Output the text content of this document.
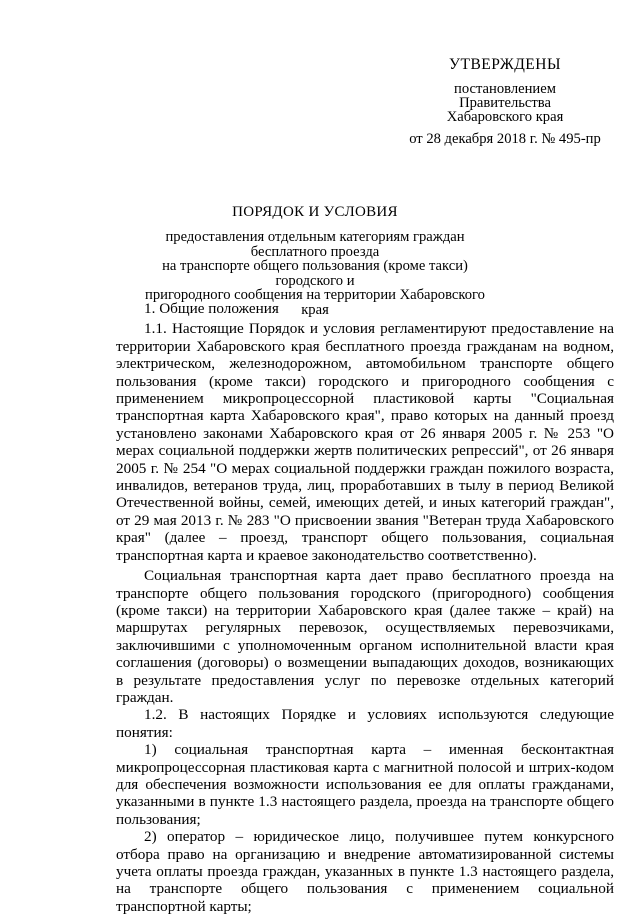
УТВЕРЖДЕНЫ
постановлением
Правительства
Хабаровского края
от 28 декабря 2018 г. № 495-пр
ПОРЯДОК И УСЛОВИЯ
предоставления отдельным категориям граждан бесплатного проезда
на транспорте общего пользования (кроме такси) городского и
пригородного сообщения на территории Хабаровского края
1. Общие положения

1.1. Настоящие Порядок и условия регламентируют предоставление на территории Хабаровского края бесплатного проезда гражданам на водном, электрическом, железнодорожном, автомобильном транспорте общего пользования (кроме такси) городского и пригородного сообщения с применением микропроцессорной пластиковой карты "Социальная транспортная карта Хабаровского края", право которых на данный проезд установлено законами Хабаровского края от 26 января 2005 г. № 253 "О мерах социальной поддержки жертв политических репрессий", от 26 января 2005 г. № 254 "О мерах социальной поддержки граждан пожилого возраста, инвалидов, ветеранов труда, лиц, проработавших в тылу в период Великой Отечественной войны, семей, имеющих детей, и иных категорий граждан", от 29 мая 2013 г. № 283 "О присвоении звания "Ветеран труда Хабаровского края" (далее – проезд, транспорт общего пользования, социальная транспортная карта и краевое законодательство соответственно).

Социальная транспортная карта дает право бесплатного проезда на транспорте общего пользования городского (пригородного) сообщения (кроме такси) на территории Хабаровского края (далее также – край) на маршрутах регулярных перевозок, осуществляемых перевозчиками, заключившими с уполномоченным органом исполнительной власти края соглашения (договоры) о возмещении выпадающих доходов, возникающих в результате предоставления услуг по перевозке отдельных категорий граждан.

1.2. В настоящих Порядке и условиях используются следующие понятия:

1) социальная транспортная карта – именная бесконтактная микропроцессорная пластиковая карта с магнитной полосой и штрих-кодом для обеспечения возможности использования ее для оплаты гражданами, указанными в пункте 1.3 настоящего раздела, проезда на транспорте общего пользования;

2) оператор – юридическое лицо, получившее путем конкурсного отбора право на организацию и внедрение автоматизированной системы учета оплаты проезда граждан, указанных в пункте 1.3 настоящего раздела, на транспорте общего пользования с применением социальной транспортной карты;
